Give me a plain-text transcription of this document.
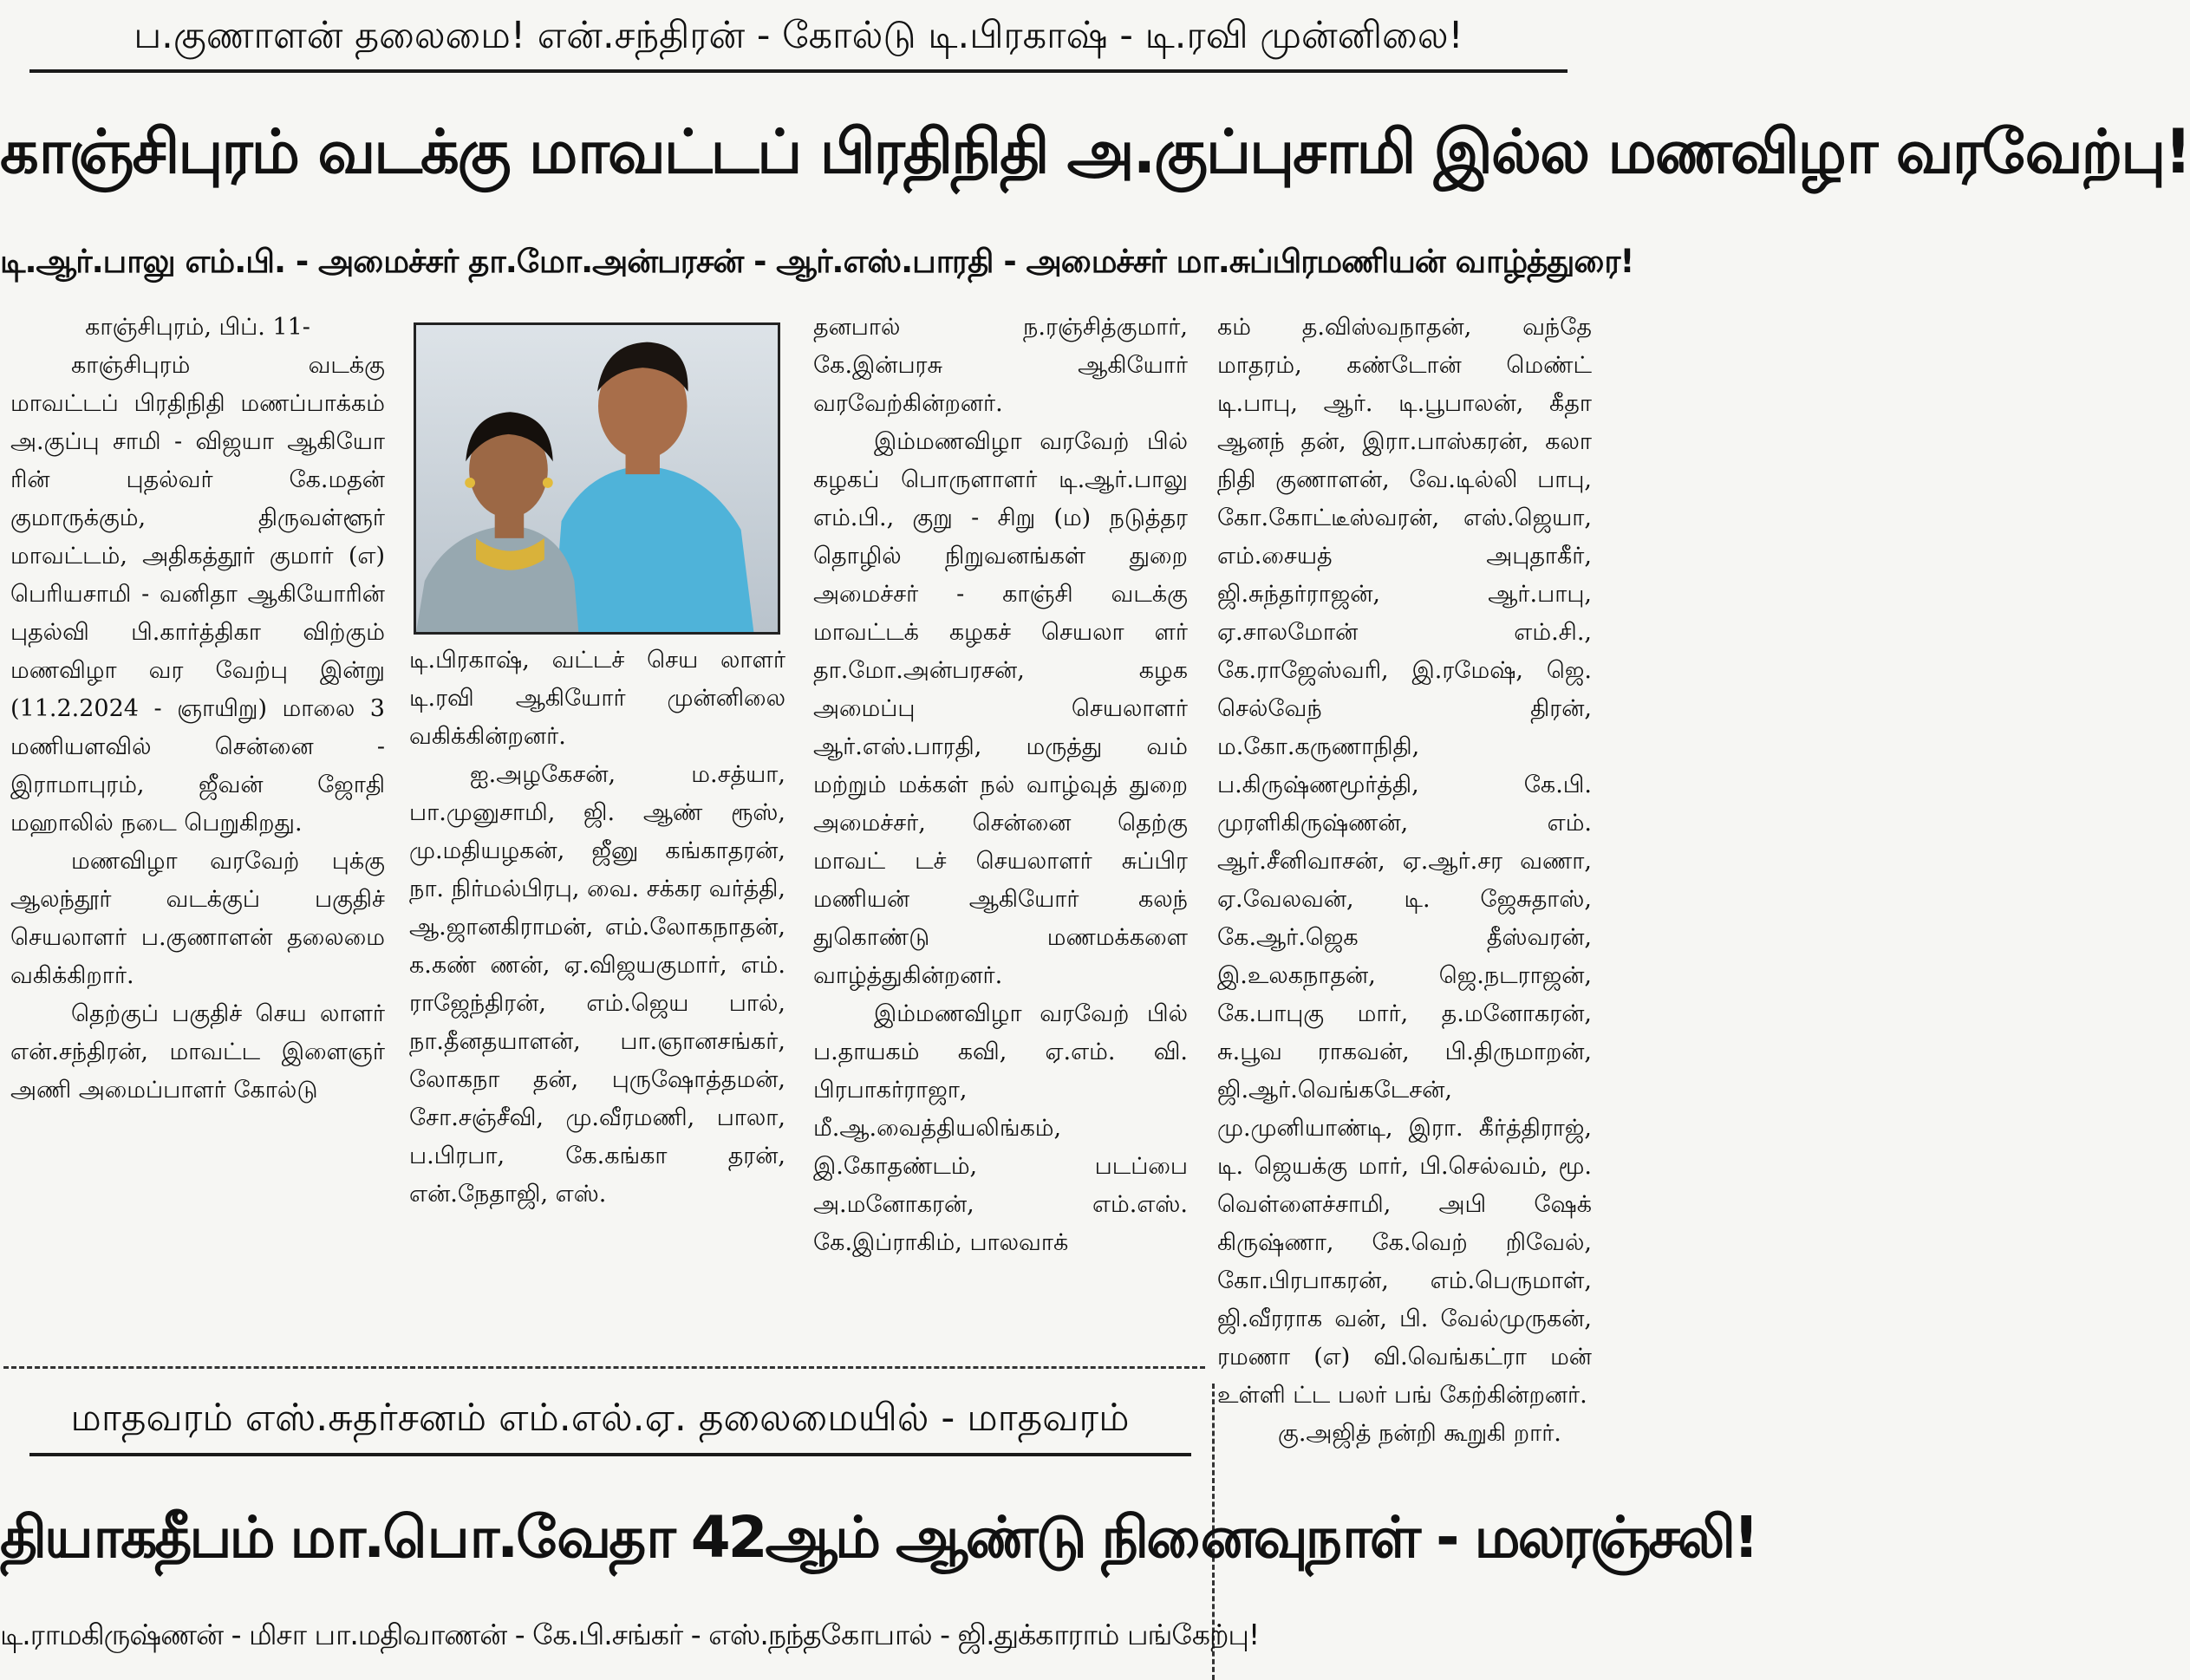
ப.குணாளன் தலைமை! என்.சந்திரன் - கோல்டு டி.பிரகாஷ் - டி.ரவி முன்னிலை!
காஞ்சிபுரம் வடக்கு மாவட்டப் பிரதிநிதி அ.குப்புசாமி இல்ல மணவிழா வரவேற்பு!
டி.ஆர்.பாலு எம்.பி. - அமைச்சர் தா.மோ.அன்பரசன் - ஆர்.எஸ்.பாரதி - அமைச்சர் மா.சுப்பிரமணியன் வாழ்த்துரை!

காஞ்சிபுரம், பிப். 11-

காஞ்சிபுரம் வடக்கு மாவட்டப் பிரதிநிதி மணப்பாக்கம் அ.குப்பு சாமி - விஜயா ஆகியோ ரின் புதல்வர் கே.மதன் குமாருக்கும், திருவள்ளூர் மாவட்டம், அதிகத்தூர் குமார் (எ) பெரியசாமி - வனிதா ஆகியோரின் புதல்வி பி.கார்த்திகா விற்கும் மணவிழா வர வேற்பு இன்று (11.2.2024 - ஞாயிறு) மாலை 3 மணியளவில் சென்னை - இராமாபுரம், ஜீவன் ஜோதி மஹாலில் நடை பெறுகிறது.

மணவிழா வரவேற் புக்கு ஆலந்தூர் வடக்குப் பகுதிச் செயலாளர் ப.குணாளன் தலைமை வகிக்கிறார்.

தெற்குப் பகுதிச் செய லாளர் என்.சந்திரன், மாவட்ட இளைஞர் அணி அமைப்பாளர் கோல்டு

டி.பிரகாஷ், வட்டச் செய லாளர் டி.ரவி ஆகியோர் முன்னிலை வகிக்கின்றனர்.

ஐ.அழகேசன், ம.சத்யா, பா.முனுசாமி, ஜி. ஆண் ரூஸ், மு.மதியழகன், ஜீனு கங்காதரன், நா. நிர்மல்பிரபு, வை. சக்கர வர்த்தி, ஆ.ஜானகிராமன், எம்.லோகநாதன், க.கண் ணன், ஏ.விஜயகுமார், எம். ராஜேந்திரன், எம்.ஜெய பால், நா.தீனதயாளன், பா.ஞானசங்கர், லோகநா தன், புருஷோத்தமன், சோ.சஞ்சீவி, மு.வீரமணி, பாலா, ப.பிரபா, கே.கங்கா தரன், என்.நேதாஜி, எஸ்.

தனபால் ந.ரஞ்சித்குமார், கே.இன்பரசு ஆகியோர் வரவேற்கின்றனர்.

இம்மணவிழா வரவேற் பில் கழகப் பொருளாளர் டி.ஆர்.பாலு எம்.பி., குறு - சிறு (ம) நடுத்தர தொழில் நிறுவனங்கள் துறை அமைச்சர் - காஞ்சி வடக்கு மாவட்டக் கழகச் செயலா ளர் தா.மோ.அன்பரசன், கழக அமைப்பு செயலாளர் ஆர்.எஸ்.பாரதி, மருத்து வம் மற்றும் மக்கள் நல் வாழ்வுத் துறை அமைச்சர், சென்னை தெற்கு மாவட் டச் செயலாளர் சுப்பிர மணியன் ஆகியோர் கலந் துகொண்டு மணமக்களை வாழ்த்துகின்றனர்.

இம்மணவிழா வரவேற் பில் ப.தாயகம் கவி, ஏ.எம். வி. பிரபாகர்ராஜா, மீ.ஆ.வைத்தியலிங்கம், இ.கோதண்டம், படப்பை அ.மனோகரன், எம்.எஸ். கே.இப்ராகிம், பாலவாக்

கம் த.விஸ்வநாதன், வந்தே மாதரம், கண்டோன் மெண்ட் டி.பாபு, ஆர். டி.பூபாலன், கீதா ஆனந் தன், இரா.பாஸ்கரன், கலா நிதி குணாளன், வே.டில்லி பாபு, கோ.கோட்டீஸ்வரன், எஸ்.ஜெயா, எம்.சையத் அபுதாகீர், ஜி.சுந்தர்ராஜன், ஆர்.பாபு, ஏ.சாலமோன் எம்.சி., கே.ராஜேஸ்வரி, இ.ரமேஷ், ஜெ. செல்வேந் திரன், ம.கோ.கருணாநிதி, ப.கிருஷ்ணமூர்த்தி, கே.பி. முரளிகிருஷ்ணன், எம். ஆர்.சீனிவாசன், ஏ.ஆர்.சர வணா, ஏ.வேலவன், டி. ஜேசுதாஸ், கே.ஆர்.ஜெக தீஸ்வரன், இ.உலகநாதன், ஜெ.நடராஜன், கே.பாபுகு மார், த.மனோகரன், சு.பூவ ராகவன், பி.திருமாறன், ஜி.ஆர்.வெங்கடேசன், மு.முனியாண்டி, இரா. கீர்த்திராஜ், டி. ஜெயக்கு மார், பி.செல்வம், மூ. வெள்ளைச்சாமி, அபி ஷேக் கிருஷ்ணா, கே.வெற் றிவேல், கோ.பிரபாகரன், எம்.பெருமாள், ஜி.வீரராக வன், பி. வேல்முருகன், ரமணா (எ) வி.வெங்கட்ரா மன் உள்ளி ட்ட பலர் பங் கேற்கின்றனர்.

கு.அஜித் நன்றி கூறுகி றார்.

மாதவரம் எஸ்.சுதர்சனம் எம்.எல்.ஏ. தலைமையில் - மாதவரம்
தியாகதீபம் மா.பொ.வேதா 42ஆம் ஆண்டு நினைவுநாள் - மலரஞ்சலி!
டி.ராமகிருஷ்ணன் - மிசா பா.மதிவாணன் - கே.பி.சங்கர் - எஸ்.நந்தகோபால் - ஜி.துக்காராம் பங்கேற்பு!
